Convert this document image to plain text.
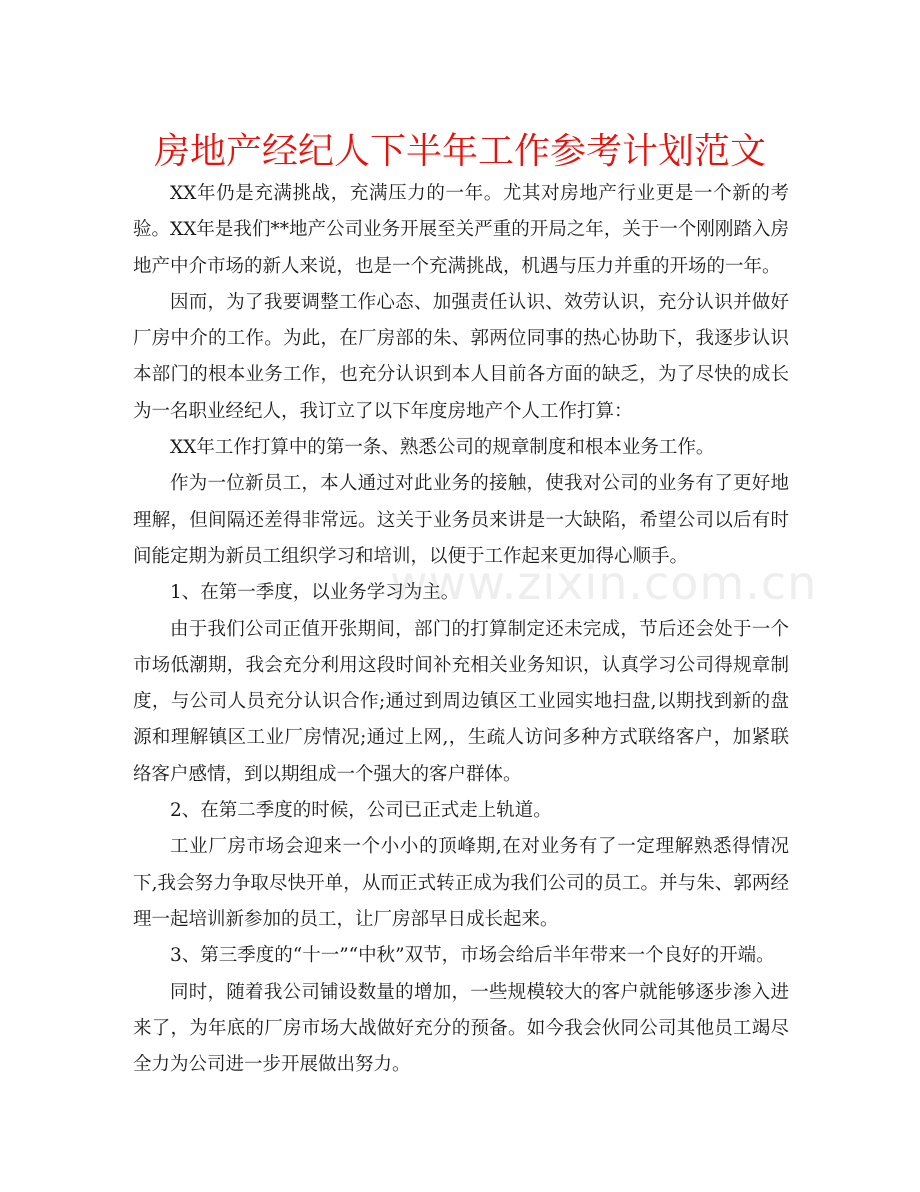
房地产经纪人下半年工作参考计划范文

XX年仍是充满挑战，充满压力的一年。尤其对房地产行业更是一个新的考验。XX年是我们**地产公司业务开展至关严重的开局之年，关于一个刚刚踏入房地产中介市场的新人来说，也是一个充满挑战，机遇与压力并重的开场的一年。

因而，为了我要调整工作心态、加强责任认识、效劳认识，充分认识并做好厂房中介的工作。为此，在厂房部的朱、郭两位同事的热心协助下，我逐步认识本部门的根本业务工作，也充分认识到本人目前各方面的缺乏，为了尽快的成长为一名职业经纪人，我订立了以下年度房地产个人工作打算：

XX年工作打算中的第一条、熟悉公司的规章制度和根本业务工作。

作为一位新员工，本人通过对此业务的接触，使我对公司的业务有了更好地理解，但间隔还差得非常远。这关于业务员来讲是一大缺陷，希望公司以后有时间能定期为新员工组织学习和培训，以便于工作起来更加得心顺手。

1、在第一季度，以业务学习为主。

由于我们公司正值开张期间，部门的打算制定还未完成，节后还会处于一个市场低潮期，我会充分利用这段时间补充相关业务知识，认真学习公司得规章制度，与公司人员充分认识合作;通过到周边镇区工业园实地扫盘,以期找到新的盘源和理解镇区工业厂房情况;通过上网,，生疏人访问多种方式联络客户，加紧联络客户感情，到以期组成一个强大的客户群体。

2、在第二季度的时候，公司已正式走上轨道。

工业厂房市场会迎来一个小小的顶峰期,在对业务有了一定理解熟悉得情况下,我会努力争取尽快开单，从而正式转正成为我们公司的员工。并与朱、郭两经理一起培训新参加的员工，让厂房部早日成长起来。

3、第三季度的“十一”“中秋”双节，市场会给后半年带来一个良好的开端。

同时，随着我公司铺设数量的增加，一些规模较大的客户就能够逐步渗入进来了，为年底的厂房市场大战做好充分的预备。如今我会伙同公司其他员工竭尽全力为公司进一步开展做出努力。

www.zixin.com.cn
